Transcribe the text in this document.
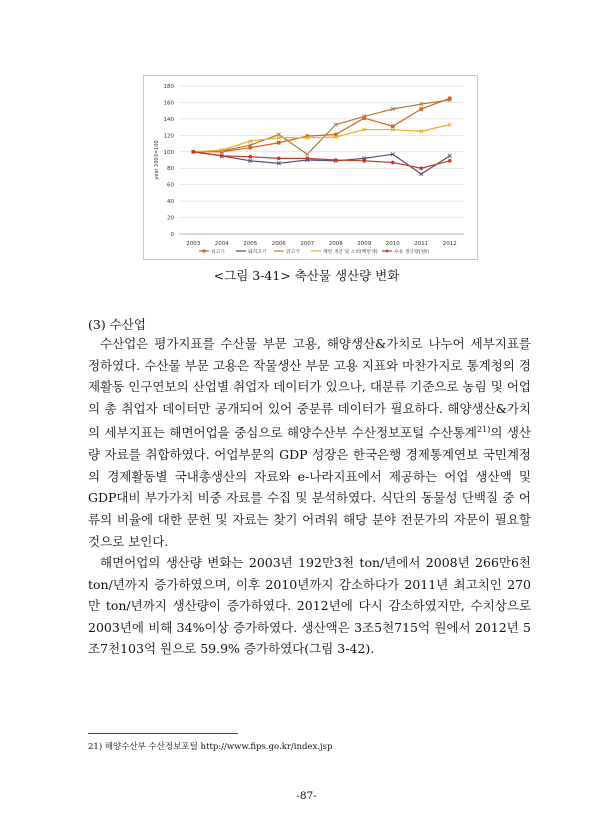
0
20
40
60
80
100
120
140
160
180
2003	2004	2005	2006	2007	2008	2009	2010	2011	2012
year 2003=100
쇠고기	돼지고기	닭고기	계란 생산 및 소비(백만개)	우유 생산량(천t)
<그림 3-41> 축산물 생산량 변화
(3) 수산업

수산업은 평가지표를 수산물 부문 고용, 해양생산&가치로 나누어 세부지표를 정하였다. 수산물 부문 고용은 작물생산 부문 고용 지표와 마찬가지로 통계청의 경제활동 인구연보의 산업별 취업자 데이터가 있으나, 대분류 기준으로 농림 및 어업의 총 취업자 데이터만 공개되어 있어 중분류 데이터가 필요하다. 해양생산&가치의 세부지표는 해면어업을 중심으로 해양수산부 수산정보포털 수산통계$^{21)}$의 생산량 자료를 취합하였다. 어업부문의 GDP 성장은 한국은행 경제통계연보 국민계정의 경제활동별 국내총생산의 자료와 e-나라지표에서 제공하는 어업 생산액 및 GDP대비 부가가치 비중 자료를 수집 및 분석하였다. 식단의 동물성 단백질 중 어류의 비율에 대한 문헌 및 자료는 찾기 어려워 해당 분야 전문가의 자문이 필요할 것으로 보인다.

해면어업의 생산량 변화는 2003년 192만3천 ton/년에서 2008년 266만6천 ton/년까지 증가하였으며, 이후 2010년까지 감소하다가 2011년 최고치인 270만 ton/년까지 생산량이 증가하였다. 2012년에 다시 감소하였지만, 수치상으로 2003년에 비해 34%이상 증가하였다. 생산액은 3조5천715억 원에서 2012년 5조7천103억 원으로 59.9% 증가하였다(그림 3-42).

21) 해양수산부 수산정보포털 http://www.fips.go.kr/index.jsp
-87-
